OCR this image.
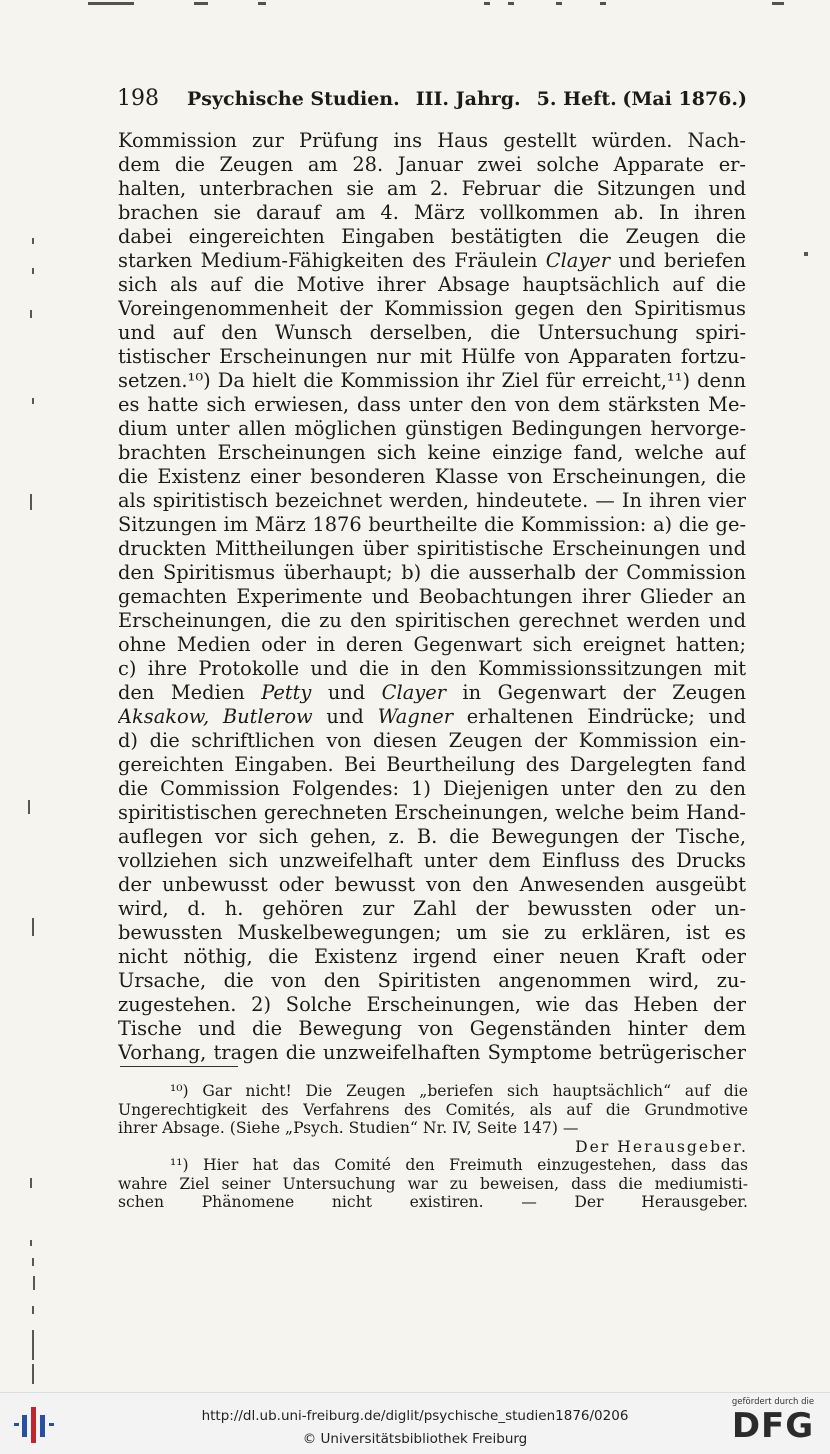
198 Psychische Studien. III. Jahrg. 5. Heft. (Mai 1876.)
Kommission zur Prüfung ins Haus gestellt würden. Nach-
dem die Zeugen am 28. Januar zwei solche Apparate er-
halten, unterbrachen sie am 2. Februar die Sitzungen und
brachen sie darauf am 4. März vollkommen ab. In ihren
dabei eingereichten Eingaben bestätigten die Zeugen die
starken Medium-Fähigkeiten des Fräulein Clayer und beriefen
sich als auf die Motive ihrer Absage hauptsächlich auf die
Voreingenommenheit der Kommission gegen den Spiritismus
und auf den Wunsch derselben, die Untersuchung spiri-
tistischer Erscheinungen nur mit Hülfe von Apparaten fortzu-
setzen.¹⁰) Da hielt die Kommission ihr Ziel für erreicht,¹¹) denn
es hatte sich erwiesen, dass unter den von dem stärksten Me-
dium unter allen möglichen günstigen Bedingungen hervorge-
brachten Erscheinungen sich keine einzige fand, welche auf
die Existenz einer besonderen Klasse von Erscheinungen, die
als spiritistisch bezeichnet werden, hindeutete. — In ihren vier
Sitzungen im März 1876 beurtheilte die Kommission: a) die ge-
druckten Mittheilungen über spiritistische Erscheinungen und
den Spiritismus überhaupt; b) die ausserhalb der Commission
gemachten Experimente und Beobachtungen ihrer Glieder an
Erscheinungen, die zu den spiritischen gerechnet werden und
ohne Medien oder in deren Gegenwart sich ereignet hatten;
c) ihre Protokolle und die in den Kommissionssitzungen mit
den Medien Petty und Clayer in Gegenwart der Zeugen
Aksakow, Butlerow und Wagner erhaltenen Eindrücke; und
d) die schriftlichen von diesen Zeugen der Kommission ein-
gereichten Eingaben. Bei Beurtheilung des Dargelegten fand
die Commission Folgendes: 1) Diejenigen unter den zu den
spiritistischen gerechneten Erscheinungen, welche beim Hand-
auflegen vor sich gehen, z. B. die Bewegungen der Tische,
vollziehen sich unzweifelhaft unter dem Einfluss des Drucks
der unbewusst oder bewusst von den Anwesenden ausgeübt
wird, d. h. gehören zur Zahl der bewussten oder un-
bewussten Muskelbewegungen; um sie zu erklären, ist es
nicht nöthig, die Existenz irgend einer neuen Kraft oder
Ursache, die von den Spiritisten angenommen wird, zu-
zugestehen. 2) Solche Erscheinungen, wie das Heben der
Tische und die Bewegung von Gegenständen hinter dem
Vorhang, tragen die unzweifelhaften Symptome betrügerischer
¹⁰) Gar nicht! Die Zeugen „beriefen sich hauptsächlich“ auf die
Ungerechtigkeit des Verfahrens des Comités, als auf die Grundmotive
ihrer Absage. (Siehe „Psych. Studien“ Nr. IV, Seite 147) —
Der Herausgeber.
¹¹) Hier hat das Comité den Freimuth einzugestehen, dass das
wahre Ziel seiner Untersuchung war zu beweisen, dass die mediumisti-
schen Phänomene nicht existiren. — Der Herausgeber.
http://dl.ub.uni-freiburg.de/diglit/psychische_studien1876/0206
© Universitätsbibliothek Freiburg
gefördert durch die
DFG
